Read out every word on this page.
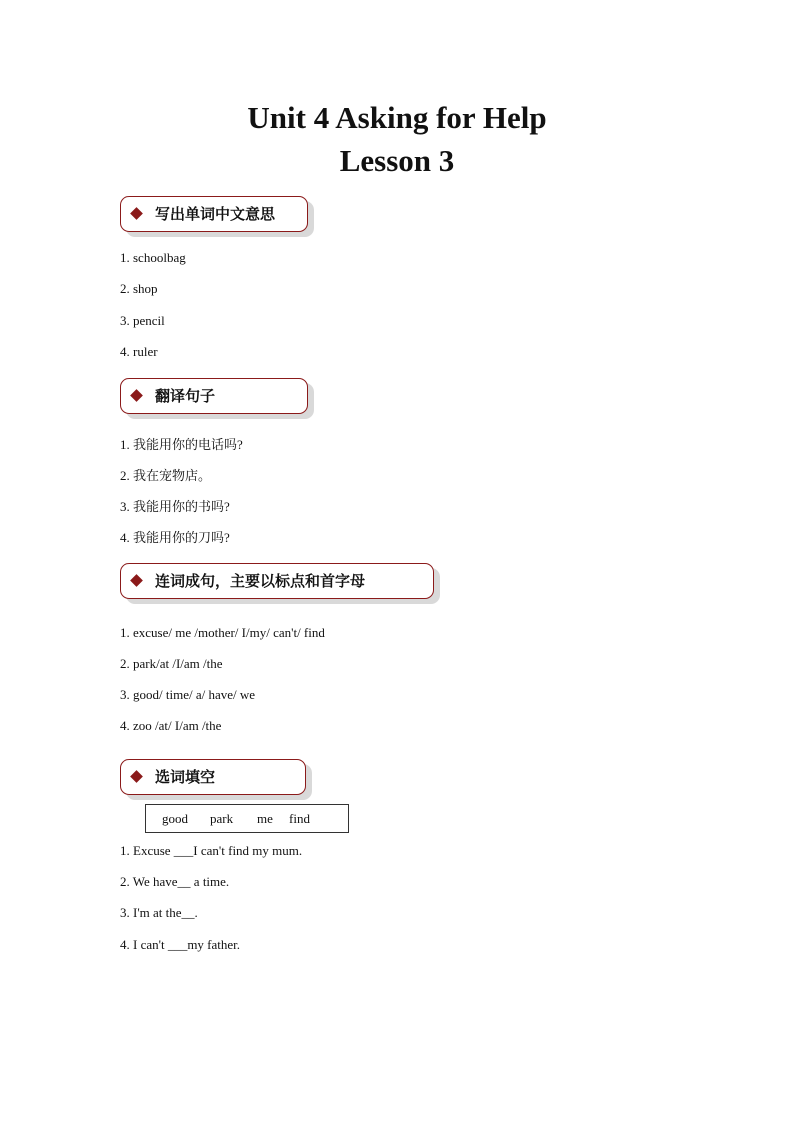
Unit 4 Asking for Help
Lesson 3
写出单词中文意思
1. schoolbag
2. shop
3. pencil
4. ruler
翻译句子
1. 我能用你的电话吗?
2. 我在宠物店。
3. 我能用你的书吗?
4. 我能用你的刀吗?
连词成句，主要以标点和首字母
1. excuse/ me /mother/ I/my/ can't/ find
2. park/at /I/am /the
3. good/ time/ a/ have/ we
4. zoo /at/ I/am /the
选词填空
good park me find
1. Excuse ___I can't find my mum.
2. We have__ a time.
3. I'm at the__.
4. I can't ___my father.
